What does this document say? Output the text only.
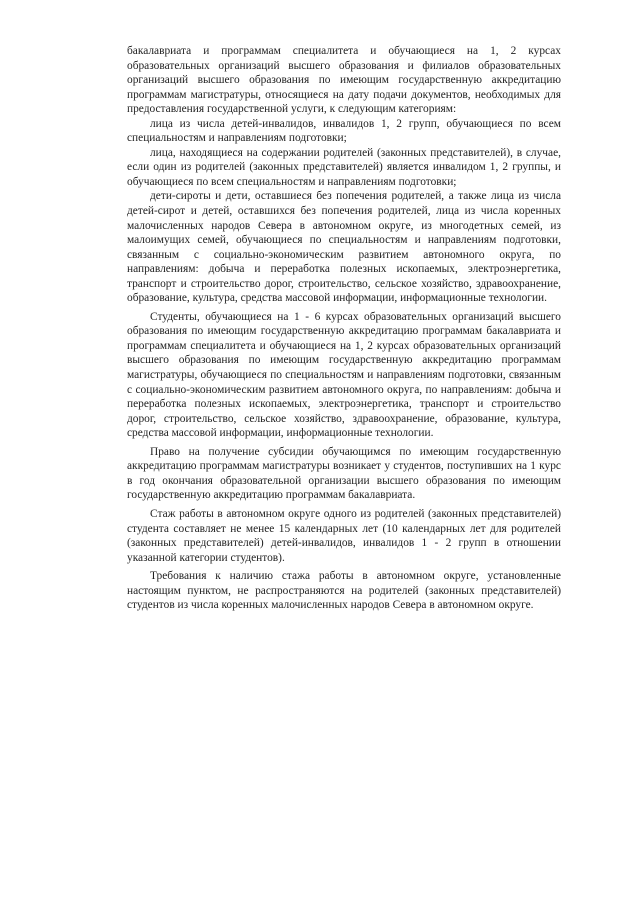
бакалавриата и программам специалитета и обучающиеся на 1, 2 курсах образовательных организаций высшего образования и филиалов образовательных организаций высшего образования по имеющим государственную аккредитацию программам магистратуры, относящиеся на дату подачи документов, необходимых для предоставления государственной услуги, к следующим категориям:

лица из числа детей-инвалидов, инвалидов 1, 2 групп, обучающиеся по всем специальностям и направлениям подготовки;

лица, находящиеся на содержании родителей (законных представителей), в случае, если один из родителей (законных представителей) является инвалидом 1, 2 группы, и обучающиеся по всем специальностям и направлениям подготовки;

дети-сироты и дети, оставшиеся без попечения родителей, а также лица из числа детей-сирот и детей, оставшихся без попечения родителей, лица из числа коренных малочисленных народов Севера в автономном округе, из многодетных семей, из малоимущих семей, обучающиеся по специальностям и направлениям подготовки, связанным с социально-экономическим развитием автономного округа, по направлениям: добыча и переработка полезных ископаемых, электроэнергетика, транспорт и строительство дорог, строительство, сельское хозяйство, здравоохранение, образование, культура, средства массовой информации, информационные технологии.

Студенты, обучающиеся на 1 - 6 курсах образовательных организаций высшего образования по имеющим государственную аккредитацию программам бакалавриата и программам специалитета и обучающиеся на 1, 2 курсах образовательных организаций высшего образования по имеющим государственную аккредитацию программам магистратуры, обучающиеся по специальностям и направлениям подготовки, связанным с социально-экономическим развитием автономного округа, по направлениям: добыча и переработка полезных ископаемых, электроэнергетика, транспорт и строительство дорог, строительство, сельское хозяйство, здравоохранение, образование, культура, средства массовой информации, информационные технологии.

Право на получение субсидии обучающимся по имеющим государственную аккредитацию программам магистратуры возникает у студентов, поступивших на 1 курс в год окончания образовательной организации высшего образования по имеющим государственную аккредитацию программам бакалавриата.

Стаж работы в автономном округе одного из родителей (законных представителей) студента составляет не менее 15 календарных лет (10 календарных лет для родителей (законных представителей) детей-инвалидов, инвалидов 1 - 2 групп в отношении указанной категории студентов).

Требования к наличию стажа работы в автономном округе, установленные настоящим пунктом, не распространяются на родителей (законных представителей) студентов из числа коренных малочисленных народов Севера в автономном округе.
